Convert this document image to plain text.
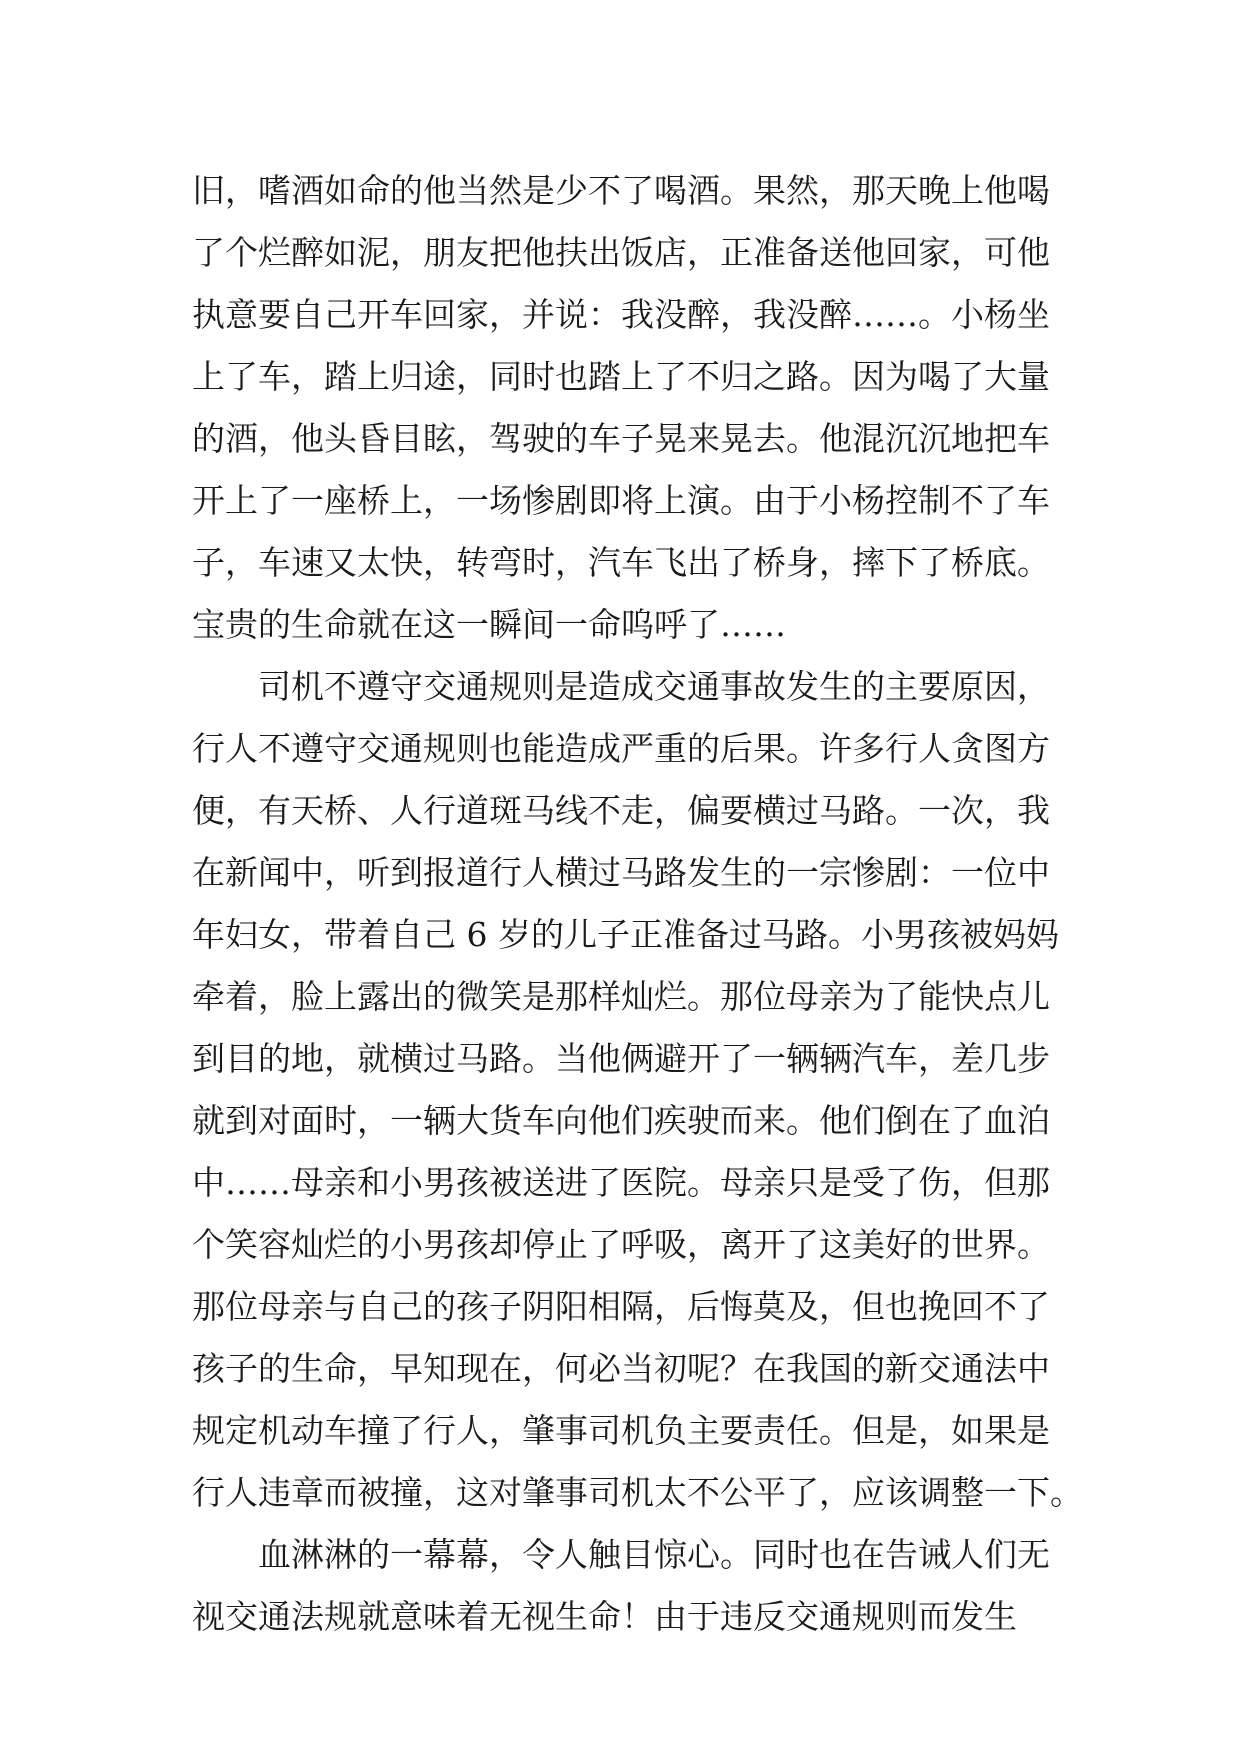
旧，嗜酒如命的他当然是少不了喝酒。果然，那天晚上他喝
了个烂醉如泥，朋友把他扶出饭店，正准备送他回家，可他
执意要自己开车回家，并说：我没醉，我没醉……。小杨坐
上了车，踏上归途，同时也踏上了不归之路。因为喝了大量
的酒，他头昏目眩，驾驶的车子晃来晃去。他混沉沉地把车
开上了一座桥上，一场惨剧即将上演。由于小杨控制不了车
子，车速又太快，转弯时，汽车飞出了桥身，摔下了桥底。
宝贵的生命就在这一瞬间一命呜呼了……
　　司机不遵守交通规则是造成交通事故发生的主要原因，
行人不遵守交通规则也能造成严重的后果。许多行人贪图方
便，有天桥、人行道斑马线不走，偏要横过马路。一次，我
在新闻中，听到报道行人横过马路发生的一宗惨剧：一位中
年妇女，带着自己 6 岁的儿子正准备过马路。小男孩被妈妈
牵着，脸上露出的微笑是那样灿烂。那位母亲为了能快点儿
到目的地，就横过马路。当他俩避开了一辆辆汽车，差几步
就到对面时，一辆大货车向他们疾驶而来。他们倒在了血泊
中……母亲和小男孩被送进了医院。母亲只是受了伤，但那
个笑容灿烂的小男孩却停止了呼吸，离开了这美好的世界。
那位母亲与自己的孩子阴阳相隔，后悔莫及，但也挽回不了
孩子的生命，早知现在，何必当初呢？在我国的新交通法中
规定机动车撞了行人，肇事司机负主要责任。但是，如果是
行人违章而被撞，这对肇事司机太不公平了，应该调整一下。
　　血淋淋的一幕幕，令人触目惊心。同时也在告诫人们无
视交通法规就意味着无视生命！由于违反交通规则而发生
